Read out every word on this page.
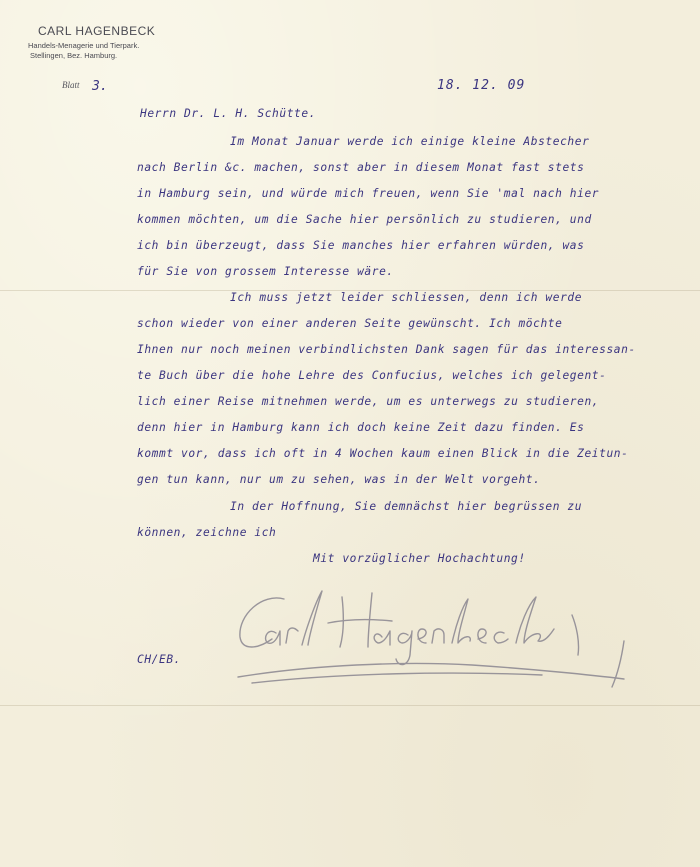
CARL HAGENBECK
Handels-Menagerie und Tierpark.
Stellingen, Bez. Hamburg.
Blatt 3.	18. 12. 09
Herrn Dr. L. H. Schütte.
Im Monat Januar werde ich einige kleine Abstecher
nach Berlin &c. machen, sonst aber in diesem Monat fast stets
in Hamburg sein, und würde mich freuen, wenn Sie 'mal nach hier
kommen möchten, um die Sache hier persönlich zu studieren, und
ich bin überzeugt, dass Sie manches hier erfahren würden, was
für Sie von grossem Interesse wäre.
Ich muss jetzt leider schliessen, denn ich werde
schon wieder von einer anderen Seite gewünscht. Ich möchte
Ihnen nur noch meinen verbindlichsten Dank sagen für das interessan-
te Buch über die hohe Lehre des Confucius, welches ich gelegent-
lich einer Reise mitnehmen werde, um es unterwegs zu studieren,
denn hier in Hamburg kann ich doch keine Zeit dazu finden. Es
kommt vor, dass ich oft in 4 Wochen kaum einen Blick in die Zeitun-
gen tun kann, nur um zu sehen, was in der Welt vorgeht.
In der Hoffnung, Sie demnächst hier begrüssen zu
können, zeichne ich
Mit vorzüglicher Hochachtung!
CH/EB.
